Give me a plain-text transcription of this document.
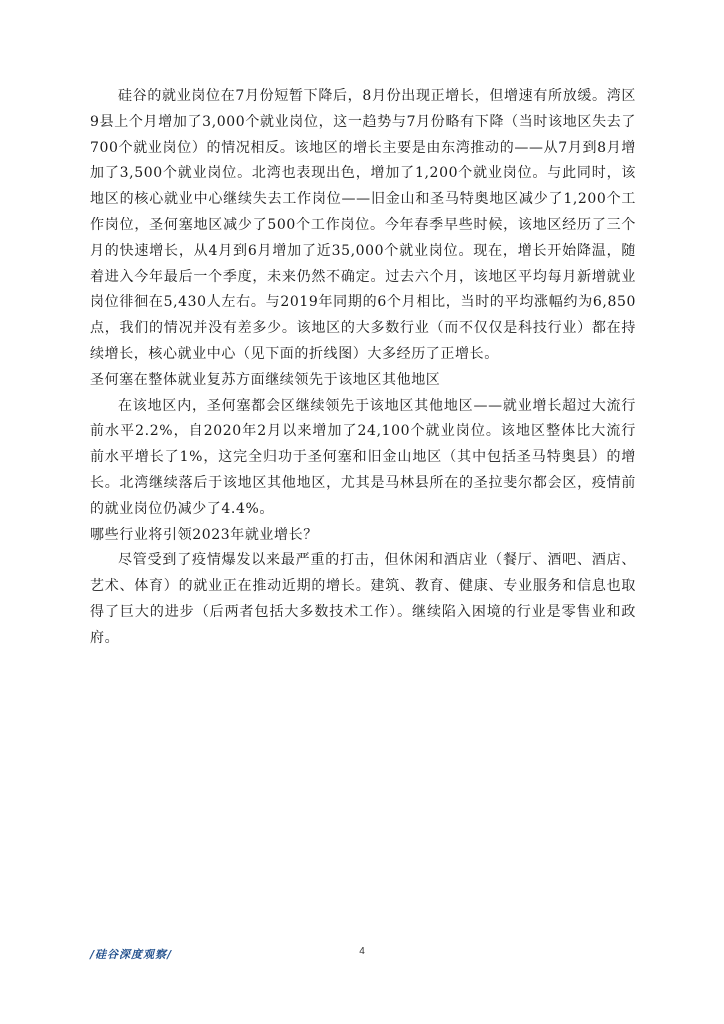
硅谷的就业岗位在7月份短暂下降后，8月份出现正增长，但增速有所放缓。湾区9县上个月增加了3,000个就业岗位，这一趋势与7月份略有下降（当时该地区失去了700个就业岗位）的情况相反。该地区的增长主要是由东湾推动的——从7月到8月增加了3,500个就业岗位。北湾也表现出色，增加了1,200个就业岗位。与此同时，该地区的核心就业中心继续失去工作岗位——旧金山和圣马特奥地区减少了1,200个工作岗位，圣何塞地区减少了500个工作岗位。今年春季早些时候，该地区经历了三个月的快速增长，从4月到6月增加了近35,000个就业岗位。现在，增长开始降温，随着进入今年最后一个季度，未来仍然不确定。过去六个月，该地区平均每月新增就业岗位徘徊在5,430人左右。与2019年同期的6个月相比，当时的平均涨幅约为6,850点，我们的情况并没有差多少。该地区的大多数行业（而不仅仅是科技行业）都在持续增长，核心就业中心（见下面的折线图）大多经历了正增长。

圣何塞在整体就业复苏方面继续领先于该地区其他地区

在该地区内，圣何塞都会区继续领先于该地区其他地区——就业增长超过大流行前水平2.2%，自2020年2月以来增加了24,100个就业岗位。该地区整体比大流行前水平增长了1%，这完全归功于圣何塞和旧金山地区（其中包括圣马特奥县）的增长。北湾继续落后于该地区其他地区，尤其是马林县所在的圣拉斐尔都会区，疫情前的就业岗位仍减少了4.4%。

哪些行业将引领2023年就业增长？

尽管受到了疫情爆发以来最严重的打击，但休闲和酒店业（餐厅、酒吧、酒店、艺术、体育）的就业正在推动近期的增长。建筑、教育、健康、专业服务和信息也取得了巨大的进步（后两者包括大多数技术工作）。继续陷入困境的行业是零售业和政府。

/硅谷深度观察/	4
